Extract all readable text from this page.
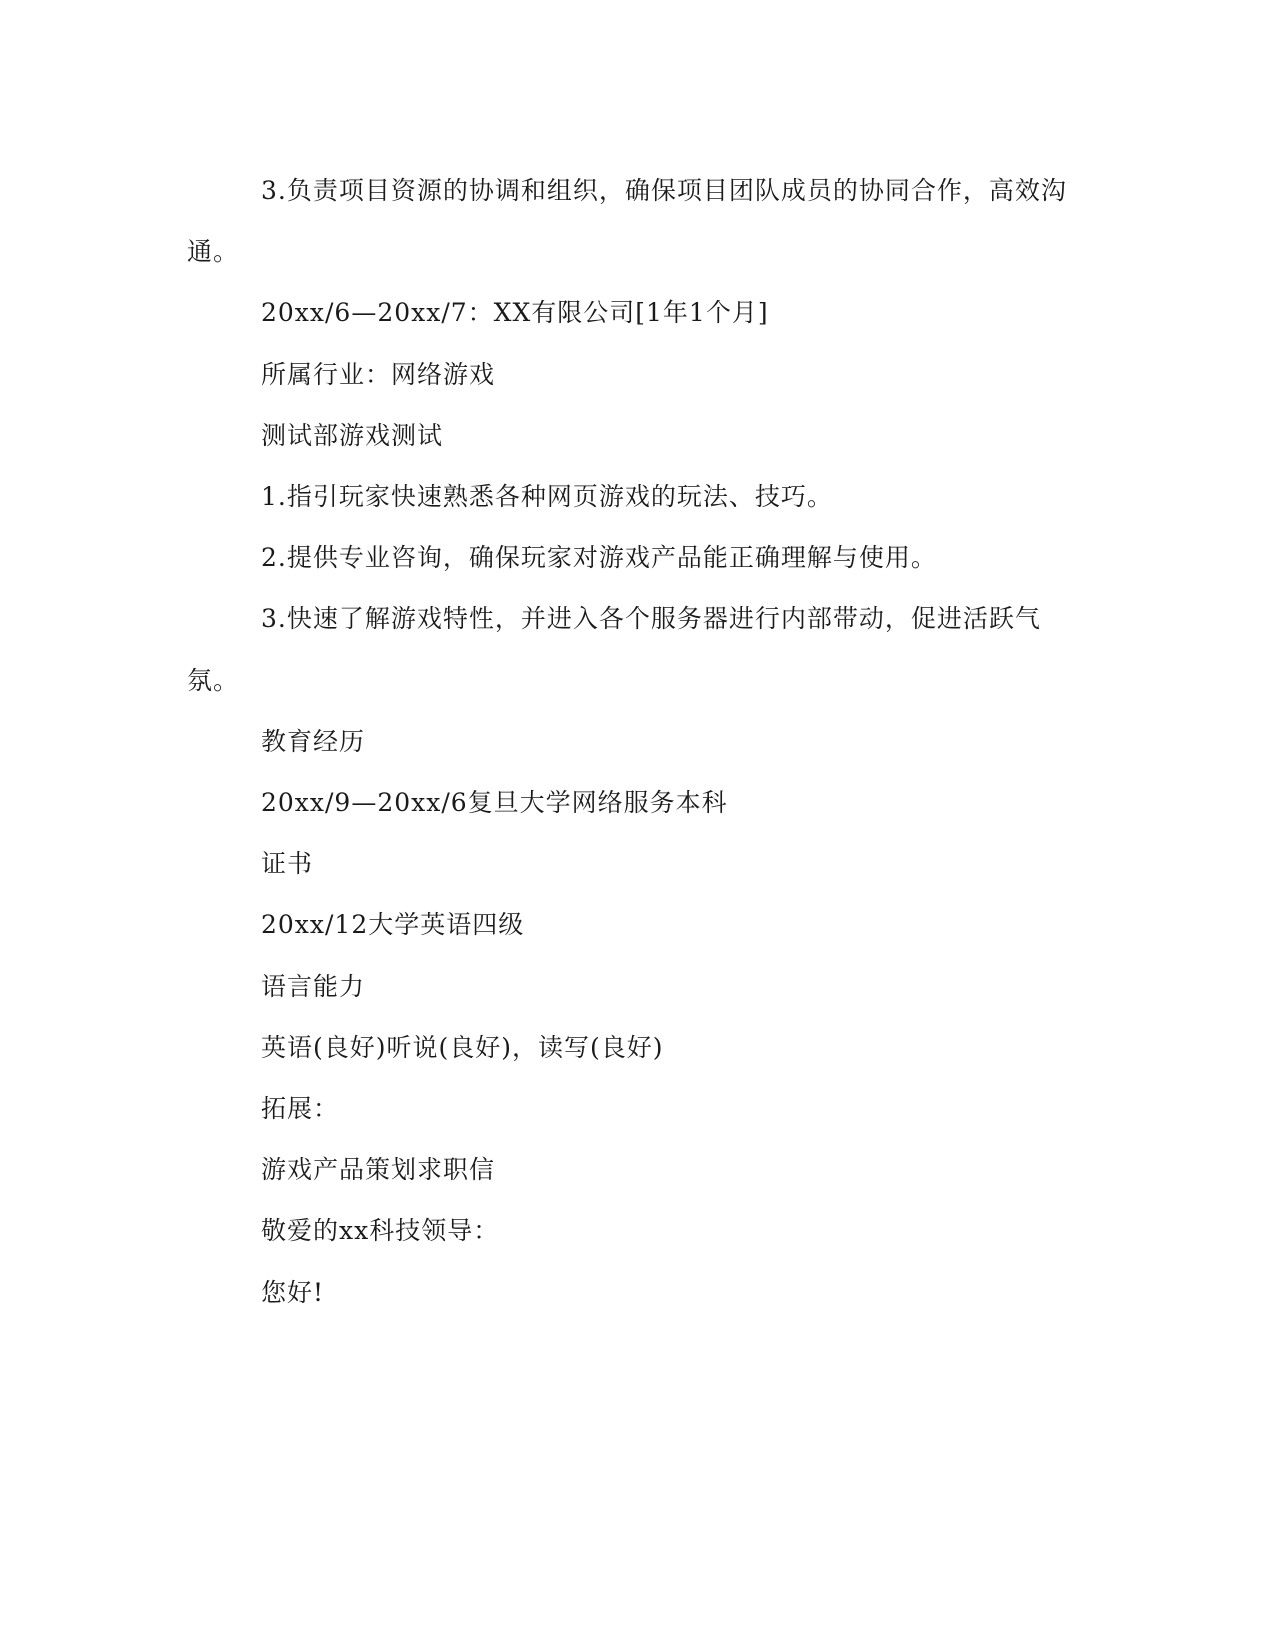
3.负责项目资源的协调和组织，确保项目团队成员的协同合作，高效沟通。

20xx/6—20xx/7：XX有限公司[1年1个月]

所属行业：网络游戏

测试部游戏测试

1.指引玩家快速熟悉各种网页游戏的玩法、技巧。

2.提供专业咨询，确保玩家对游戏产品能正确理解与使用。

3.快速了解游戏特性，并进入各个服务器进行内部带动，促进活跃气氛。

教育经历

20xx/9—20xx/6复旦大学网络服务本科

证书

20xx/12大学英语四级

语言能力

英语(良好)听说(良好)，读写(良好)

拓展：

游戏产品策划求职信

敬爱的xx科技领导：

您好!
